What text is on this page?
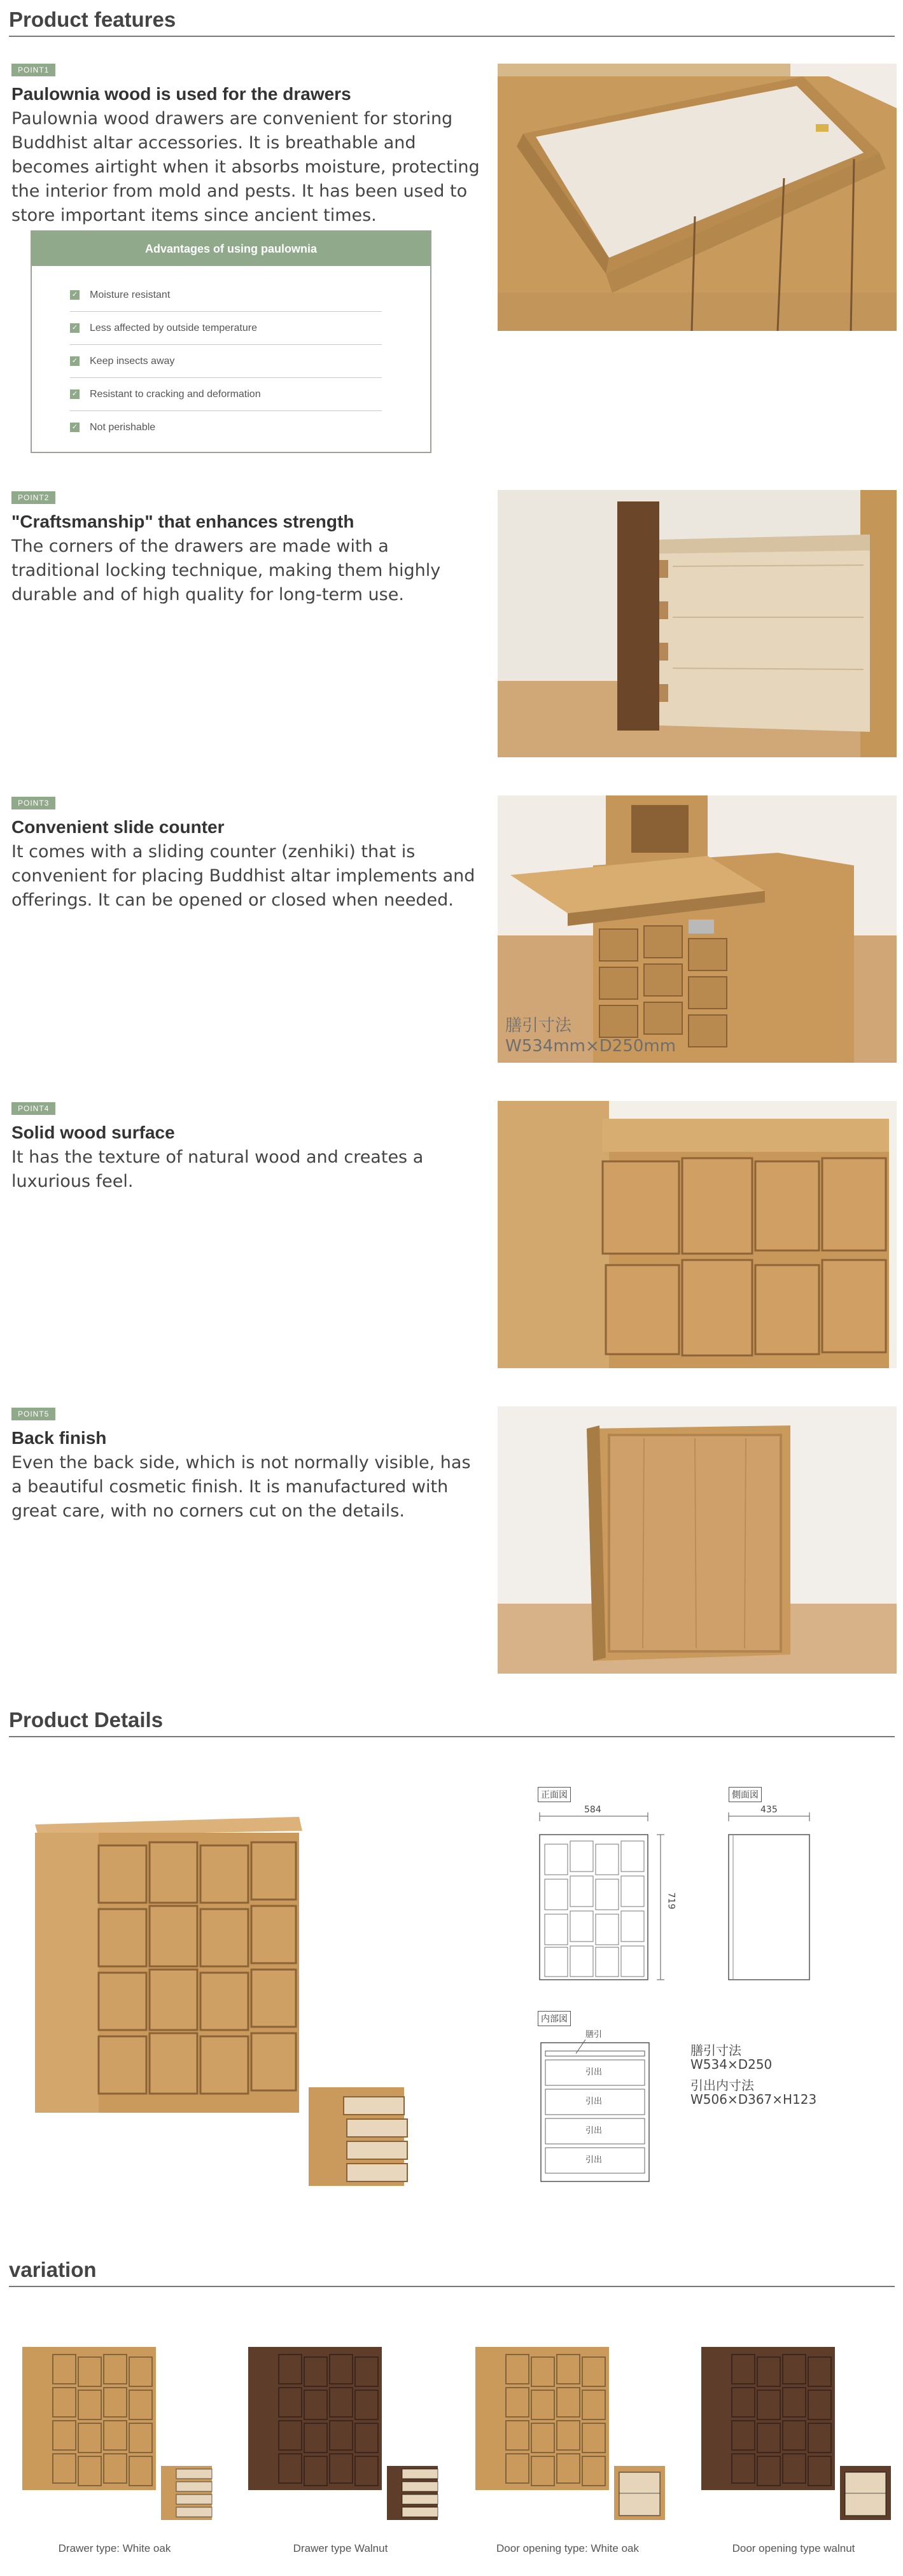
Product features
POINT1
Paulownia wood is used for the drawers
Paulownia wood drawers are convenient for storing Buddhist altar accessories. It is breathable and becomes airtight when it absorbs moisture, protecting the interior from mold and pests. It has been used to store important items since ancient times.
Advantages of using paulownia
✓ Moisture resistant
✓ Less affected by outside temperature
✓ Keep insects away
✓ Resistant to cracking and deformation
✓ Not perishable
POINT2
"Craftsmanship" that enhances strength
The corners of the drawers are made with a traditional locking technique, making them highly durable and of high quality for long-term use.
POINT3
Convenient slide counter
It comes with a sliding counter (zenhiki) that is convenient for placing Buddhist altar implements and offerings. It can be opened or closed when needed.
膳引寸法
W534mm×D250mm
POINT4
Solid wood surface
It has the texture of natural wood and creates a luxurious feel.
POINT5
Back finish
Even the back side, which is not normally visible, has a beautiful cosmetic finish. It is manufactured with great care, with no corners cut on the details.
Product Details
正面図
584
719
側面図
435
内部図
膳引
引出
引出
引出
引出
膳引寸法
W534×D250
引出内寸法
W506×D367×H123
variation
Drawer type: White oak	Drawer type Walnut	Door opening type: White oak	Door opening type walnut
